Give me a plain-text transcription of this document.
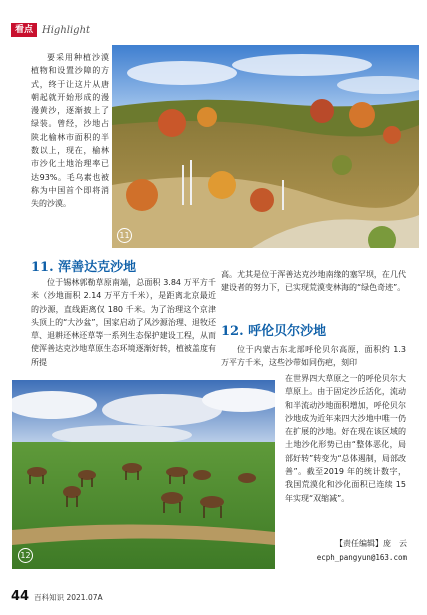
看点 Highlight
要采用种植沙漠植物和设置沙障的方式，终于让这片从唐朝起就开始形成的漫漫黄沙，逐渐披上了绿装。曾经，沙地占陕北榆林市面积的半数以上，现在，榆林市沙化土地治理率已达93%。毛乌素也被称为中国首个即将消失的沙漠。
11
11. 浑善达克沙地
位于锡林郭勒草原南端，总面积 3.84 万平方千米（沙地面积 2.14 万平方千米），是距离北京最近的沙源，直线距离仅 180 千米。为了治理这个京津头顶上的“大沙盆”，国家启动了风沙源治理、退牧还草、退耕还林还草等一系列生态保护建设工程，从而使浑善达克沙地草原生态环境逐渐好转，植被盖度有所提
高。尤其是位于浑善达克沙地南缘的塞罕坝，在几代建设者的努力下，已实现荒漠变林海的“绿色奇迹”。
12. 呼伦贝尔沙地
位于内蒙古东北部呼伦贝尔高原，面积约 1.3 万平方千米，这些沙带如同伤疤，刻印
在世界四大草原之一的呼伦贝尔大草原上。由于固定沙丘活化，流动和半流动沙地面积增加，呼伦贝尔沙地成为近年来四大沙地中唯一仍在扩展的沙地。好在现在该区域的土地沙化形势已由“整体恶化，局部好转”转变为“总体遏制，局部改善”。截至2019 年的统计数字，我国荒漠化和沙化面积已连续 15 年实现“双缩减”。
12
【责任编辑】庞　云
ecph_pangyun@163.com
44 百科知识 2021.07A
